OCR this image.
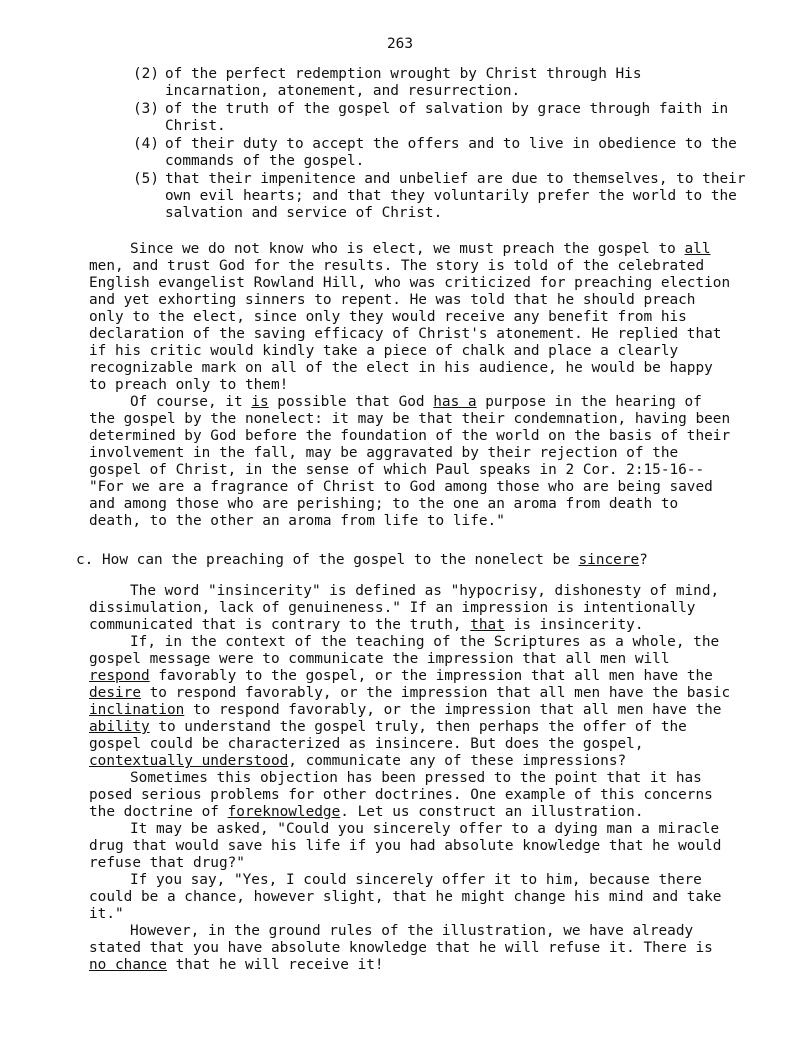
263
(2) of the perfect redemption wrought by Christ through His incarnation, atonement, and resurrection.
(3) of the truth of the gospel of salvation by grace through faith in Christ.
(4) of their duty to accept the offers and to live in obedience to the commands of the gospel.
(5) that their impenitence and unbelief are due to themselves, to their own evil hearts; and that they voluntarily prefer the world to the salvation and service of Christ.

Since we do not know who is elect, we must preach the gospel to all men, and trust God for the results. The story is told of the celebrated English evangelist Rowland Hill, who was criticized for preaching election and yet exhorting sinners to repent. He was told that he should preach only to the elect, since only they would receive any benefit from his declaration of the saving efficacy of Christ's atonement. He replied that if his critic would kindly take a piece of chalk and place a clearly recognizable mark on all of the elect in his audience, he would be happy to preach only to them!

Of course, it is possible that God has a purpose in the hearing of the gospel by the nonelect: it may be that their condemnation, having been determined by God before the foundation of the world on the basis of their involvement in the fall, may be aggravated by their rejection of the gospel of Christ, in the sense of which Paul speaks in 2 Cor. 2:15-16--"For we are a fragrance of Christ to God among those who are being saved and among those who are perishing; to the one an aroma from death to death, to the other an aroma from life to life."

c. How can the preaching of the gospel to the nonelect be sincere?

The word "insincerity" is defined as "hypocrisy, dishonesty of mind, dissimulation, lack of genuineness." If an impression is intentionally communicated that is contrary to the truth, that is insincerity.

If, in the context of the teaching of the Scriptures as a whole, the gospel message were to communicate the impression that all men will respond favorably to the gospel, or the impression that all men have the desire to respond favorably, or the impression that all men have the basic inclination to respond favorably, or the impression that all men have the ability to understand the gospel truly, then perhaps the offer of the gospel could be characterized as insincere. But does the gospel, contextually understood, communicate any of these impressions?

Sometimes this objection has been pressed to the point that it has posed serious problems for other doctrines. One example of this concerns the doctrine of foreknowledge. Let us construct an illustration.

It may be asked, "Could you sincerely offer to a dying man a miracle drug that would save his life if you had absolute knowledge that he would refuse that drug?"

If you say, "Yes, I could sincerely offer it to him, because there could be a chance, however slight, that he might change his mind and take it."

However, in the ground rules of the illustration, we have already stated that you have absolute knowledge that he will refuse it. There is no chance that he will receive it!
